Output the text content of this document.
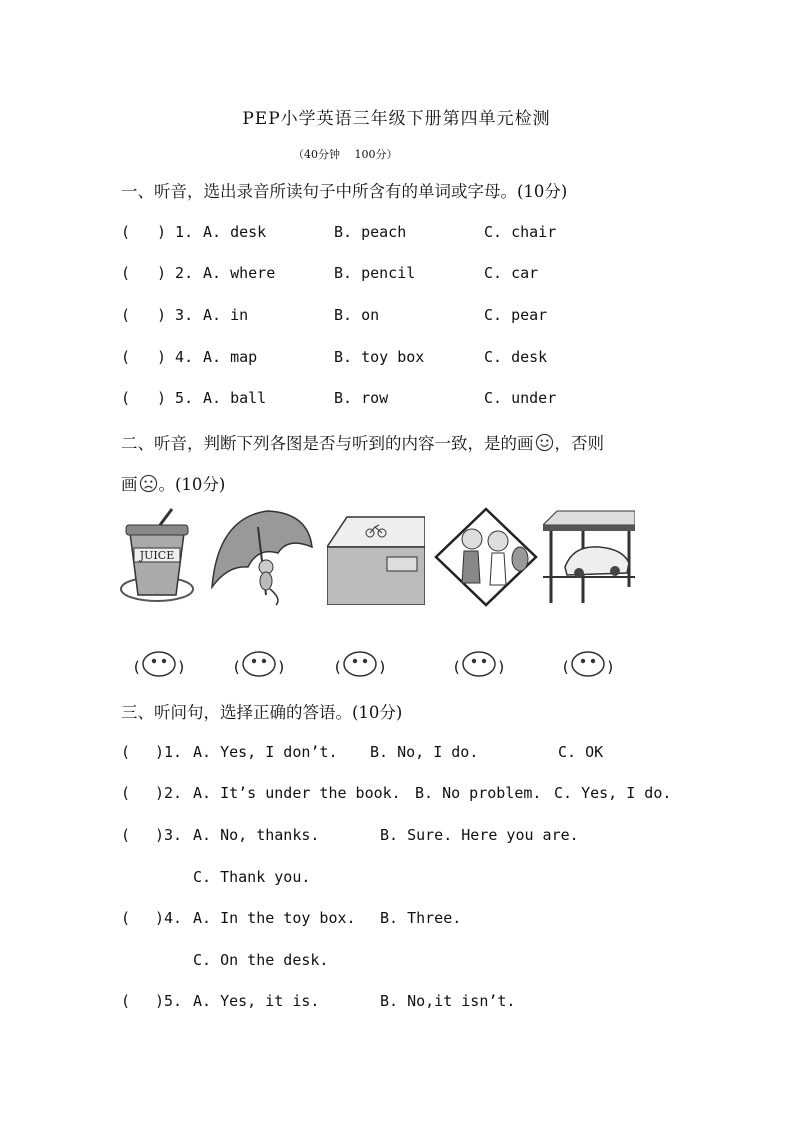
PEP小学英语三年级下册第四单元检测
（40分钟　 100分）
一、听音，选出录音所读句子中所含有的单词或字母。(10分)
( ) 1. A. desk	B. peach	C. chair
( ) 2. A. where	B. pencil	C. car
( ) 3. A. in	B. on	C. pear
( ) 4. A. map	B. toy box	C. desk
( ) 5. A. ball	B. row	C. under
二、听音，判断下列各图是否与听到的内容一致，是的画 ，否则
画 。(10分)
JUICE
( )	( )	( )	( )	( )
三、听问句，选择正确的答语。(10分)
( )1. A. Yes, I don’t. B. No, I do.	C. OK
( )2. A. It’s under the book. B. No problem. C. Yes, I do.
( )3. A. No, thanks.	B. Sure. Here you are.
C. Thank you.
( )4. A. In the toy box. B. Three.
C. On the desk.
( )5. A. Yes, it is.	B. No,it isn’t.
